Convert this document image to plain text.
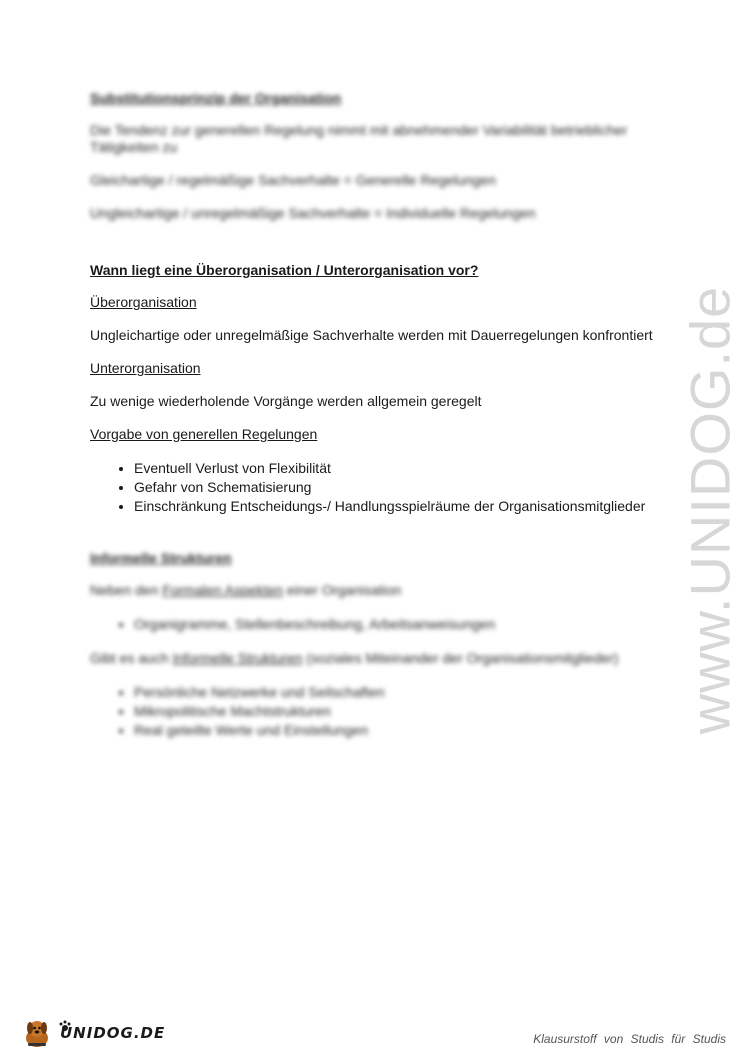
Substitutionsprinzip der Organisation

Die Tendenz zur generellen Regelung nimmt mit abnehmender Variabilität betrieblicher Tätigkeiten zu

Gleichartige / regelmäßige Sachverhalte = Generelle Regelungen

Ungleichartige / unregelmäßige Sachverhalte = Individuelle Regelungen

Wann liegt eine Überorganisation / Unterorganisation vor?

Überorganisation

Ungleichartige oder unregelmäßige Sachverhalte werden mit Dauerregelungen konfrontiert

Unterorganisation

Zu wenige wiederholende Vorgänge werden allgemein geregelt

Vorgabe von generellen Regelungen

• Eventuell Verlust von Flexibilität
• Gefahr von Schematisierung
• Einschränkung Entscheidungs-/ Handlungsspielräume der Organisationsmitglieder
Informelle Strukturen

Neben den Formalen Aspekten einer Organisation

• Organigramme, Stellenbeschreibung, Arbeitsanweisungen

Gibt es auch Informelle Strukturen (soziales Miteinander der Organisationsmitglieder)

• Persönliche Netzwerke und Seilschaften
• Mikropolitische Machtstrukturen
• Real geteilte Werte und Einstellungen	www.UNIDOG.de
UNIDOG.DE	Klausurstoff von Studis für Studis
